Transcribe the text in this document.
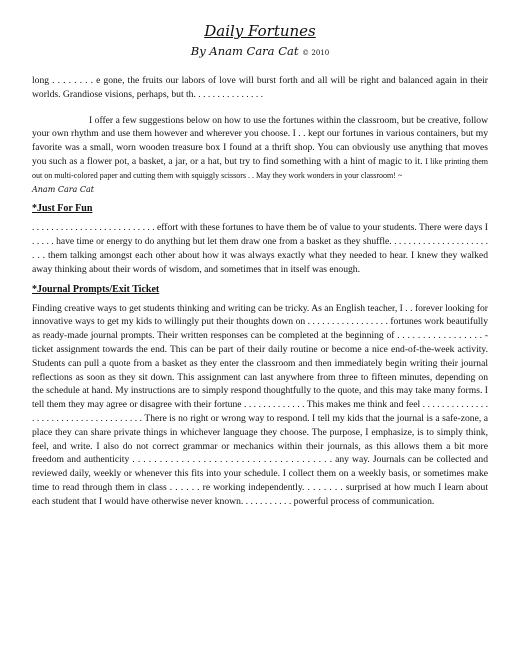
Daily Fortunes
By Anam Cara Cat © 2010

long . . . . . . . . e gone, the fruits our labors of love will burst forth and all will be right and balanced again in their worlds. Grandiose visions, perhaps, but th. . . . . . . . . . . . . . .

I offer a few suggestions below on how to use the fortunes within the classroom, but be creative, follow your own rhythm and use them however and wherever you choose. I . . kept our fortunes in various containers, but my favorite was a small, worn wooden treasure box I found at a thrift shop. You can obviously use anything that moves you such as a flower pot, a basket, a jar, or a hat, but try to find something with a hint of magic to it. I like printing them out on multi-colored paper and cutting them with squiggly scissors . . May they work wonders in your classroom! ~
Anam Cara Cat

*Just For Fun

. . . . . . . . . . . . . . . . . . . . . . . . . . effort with these fortunes to have them be of value to your students. There were days I . . . . . have time or energy to do anything but let them draw one from a basket as they shuffle. . . . . . . . . . . . . . . . . . . . . . . . them talking amongst each other about how it was always exactly what they needed to hear. I knew they walked away thinking about their words of wisdom, and sometimes that in itself was enough.

*Journal Prompts/Exit Ticket

Finding creative ways to get students thinking and writing can be tricky. As an English teacher, I . . forever looking for innovative ways to get my kids to willingly put their thoughts down on . . . . . . . . . . . . . . . . . fortunes work beautifully as ready-made journal prompts. Their written responses can be completed at the beginning of . . . . . . . . . . . . . . . . . -ticket assignment towards the end. This can be part of their daily routine or become a nice end-of-the-week activity. Students can pull a quote from a basket as they enter the classroom and then immediately begin writing their journal reflections as soon as they sit down. This assignment can last anywhere from three to fifteen minutes, depending on the schedule at hand. My instructions are to simply respond thoughtfully to the quote, and this may take many forms. I tell them they may agree or disagree with their fortune . . . . . . . . . . . . . This makes me think and feel . . . . . . . . . . . . . . . . . . . . . . . . . . . . . . . . . . . . . There is no right or wrong way to respond. I tell my kids that the journal is a safe-zone, a place they can share private things in whichever language they choose. The purpose, I emphasize, is to simply think, feel, and write. I also do not correct grammar or mechanics within their journals, as this allows them a bit more freedom and authenticity . . . . . . . . . . . . . . . . . . . . . . . . . . . . . . . . . . . . . any way. Journals can be collected and reviewed daily, weekly or whenever this fits into your schedule. I collect them on a weekly basis, or sometimes make time to read through them in class . . . . . . re working independently. . . . . . . . surprised at how much I learn about each student that I would have otherwise never known. . . . . . . . . . . powerful process of communication.
